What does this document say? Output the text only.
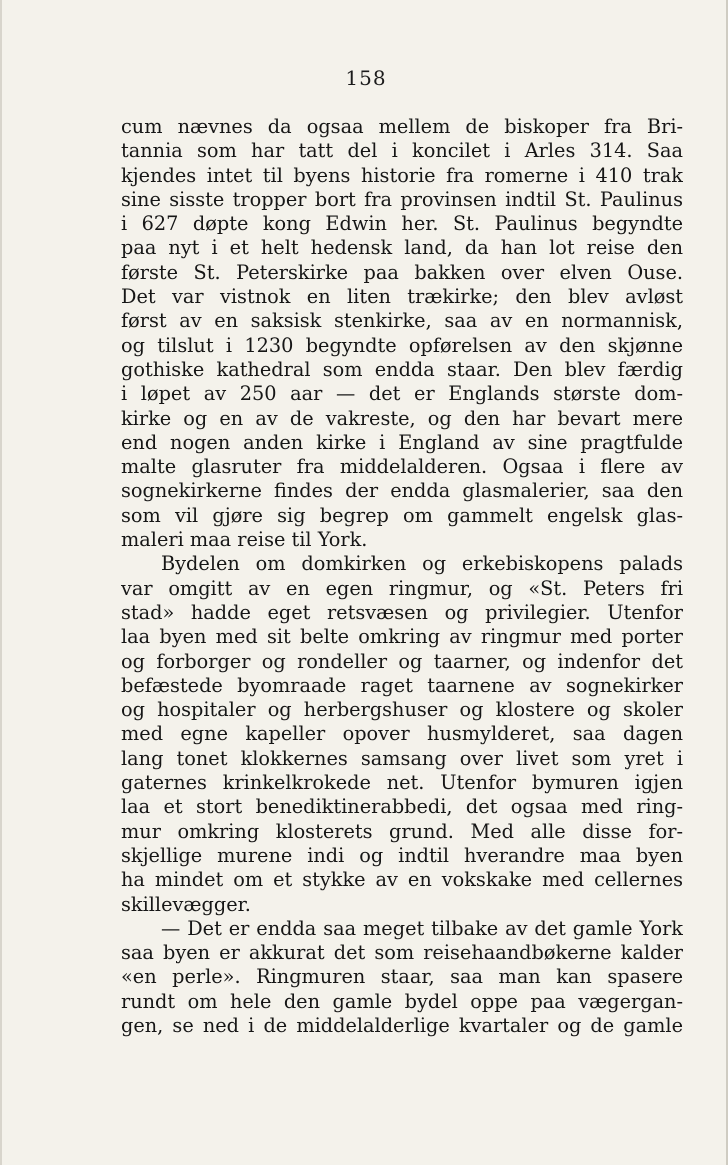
158
cum nævnes da ogsaa mellem de biskoper fra Bri-
tannia som har tatt del i koncilet i Arles 314. Saa
kjendes intet til byens historie fra romerne i 410 trak
sine sisste tropper bort fra provinsen indtil St. Paulinus
i 627 døpte kong Edwin her. St. Paulinus begyndte
paa nyt i et helt hedensk land, da han lot reise den
første St. Peterskirke paa bakken over elven Ouse.
Det var vistnok en liten trækirke; den blev avløst
først av en saksisk stenkirke, saa av en normannisk,
og tilslut i 1230 begyndte opførelsen av den skjønne
gothiske kathedral som endda staar. Den blev færdig
i løpet av 250 aar — det er Englands største dom-
kirke og en av de vakreste, og den har bevart mere
end nogen anden kirke i England av sine pragtfulde
malte glasruter fra middelalderen. Ogsaa i flere av
sognekirkerne findes der endda glasmalerier, saa den
som vil gjøre sig begrep om gammelt engelsk glas-
maleri maa reise til York.
Bydelen om domkirken og erkebiskopens palads
var omgitt av en egen ringmur, og «St. Peters fri
stad» hadde eget retsvæsen og privilegier. Utenfor
laa byen med sit belte omkring av ringmur med porter
og forborger og rondeller og taarner, og indenfor det
befæstede byomraade raget taarnene av sognekirker
og hospitaler og herbergshuser og klostere og skoler
med egne kapeller opover husmylderet, saa dagen
lang tonet klokkernes samsang over livet som yret i
gaternes krinkelkrokede net. Utenfor bymuren igjen
laa et stort benediktinerabbedi, det ogsaa med ring-
mur omkring klosterets grund. Med alle disse for-
skjellige murene indi og indtil hverandre maa byen
ha mindet om et stykke av en vokskake med cellernes
skillevægger.
— Det er endda saa meget tilbake av det gamle York
saa byen er akkurat det som reisehaandbøkerne kalder
«en perle». Ringmuren staar, saa man kan spasere
rundt om hele den gamle bydel oppe paa vægergan-
gen, se ned i de middelalderlige kvartaler og de gamle
